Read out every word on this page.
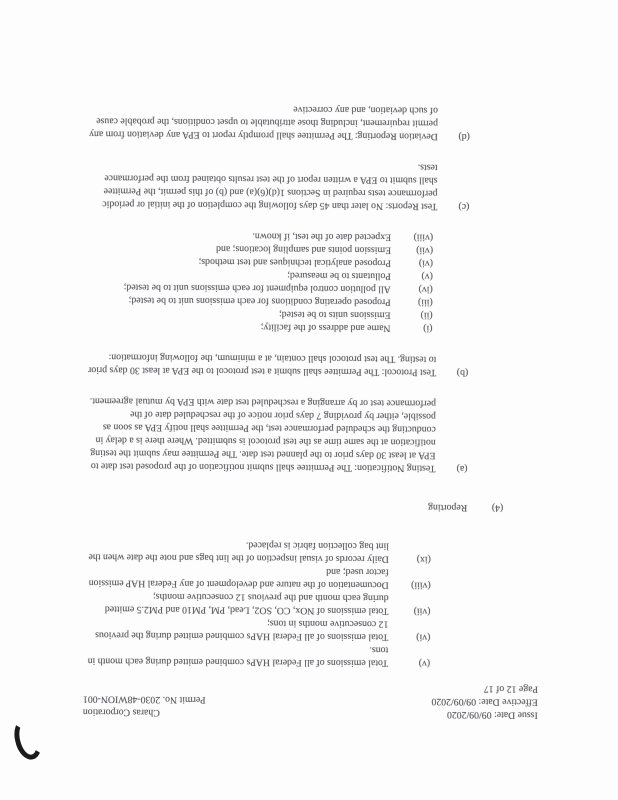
Issue Date: 09/09/2020
Charas Corporation
Effective Date: 09/09/2020
Permit No. 2030-48WION-001
Page 12 of 17
(v)
Total emissions of all Federal HAPs combined emitted during each month in tons.
(vi)
Total emissions of all Federal HAPs combined emitted during the previous 12 consecutive months in tons;
(vii)
Total emissions of NOx, CO, SO2, Lead, PM, PM10 and PM2.5 emitted during each month and the previous 12 consecutive months;
(viii)
Documentation of the nature and development of any Federal HAP emission factor used; and
(ix)
Daily records of visual inspection of the lint bags and note the date when the lint bag collection fabric is replaced.
(4)
Reporting
(a)
Testing Notification: The Permittee shall submit notification of the proposed test date to EPA at least 30 days prior to the planned test date. The Permittee may submit the testing notification at the same time as the test protocol is submitted. Where there is a delay in conducting the scheduled performance test, the Permittee shall notify EPA as soon as possible, either by providing 7 days prior notice of the rescheduled date of the performance test or by arranging a rescheduled test date with EPA by mutual agreement.
(b)
Test Protocol: The Permittee shall submit a test protocol to the EPA at least 30 days prior to testing. The test protocol shall contain, at a minimum, the following information:
(i)
Name and address of the facility;
(ii)
Emissions units to be tested;
(iii)
Proposed operating conditions for each emissions unit to be tested;
(iv)
All pollution control equipment for each emissions unit to be tested;
(v)
Pollutants to be measured;
(vi)
Proposed analytical techniques and test methods;
(vii)
Emission points and sampling locations; and
(viii)
Expected date of the test, if known.
(c)
Test Reports: No later than 45 days following the completion of the initial or periodic performance tests required in Sections 1(d)(6)(a) and (b) of this permit, the Permittee shall submit to EPA a written report of the test results obtained from the performance tests.
(d)
Deviation Reporting: The Permittee shall promptly report to EPA any deviation from any permit requirement, including those attributable to upset conditions, the probable cause of such deviation, and any corrective
